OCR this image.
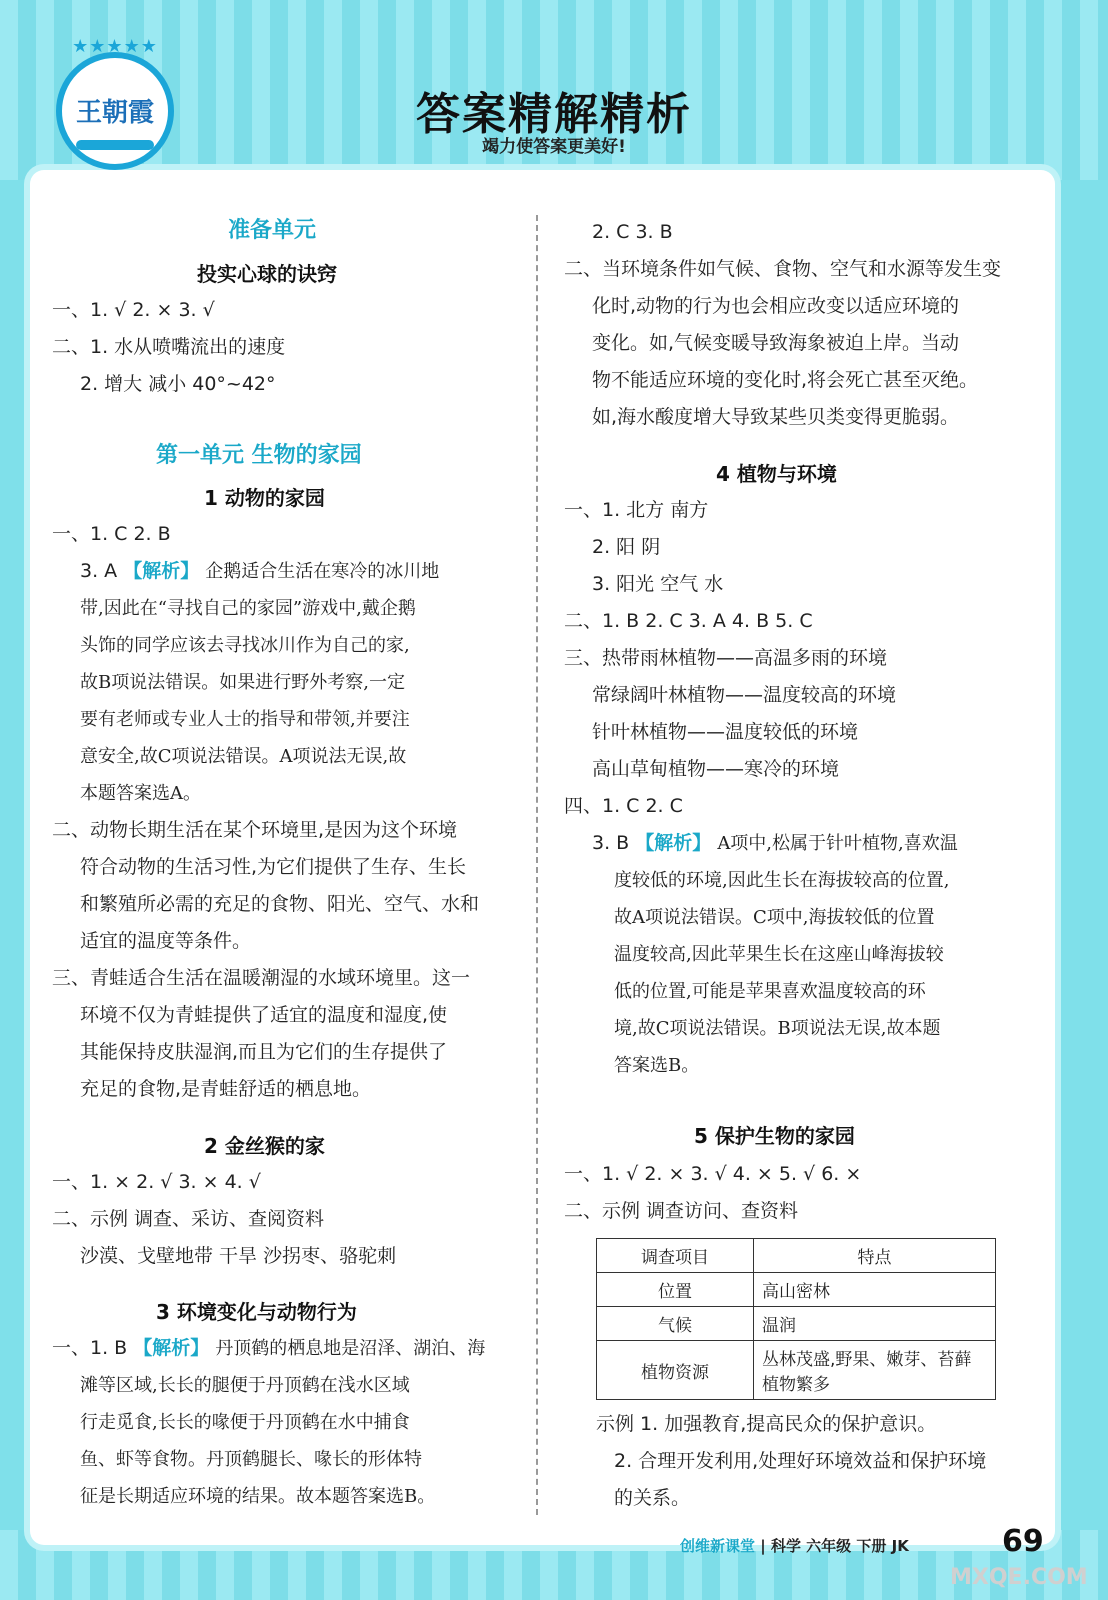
★★★★★
王朝霞	答案精解精析
竭力使答案更美好!
准备单元
投实心球的诀窍
一、1. √ 2. × 3. √
二、1. 水从喷嘴流出的速度
2. 增大 减小 40°~42°
第一单元 生物的家园
1 动物的家园
一、1. C 2. B
3. A 【解析】 企鹅适合生活在寒冷的冰川地
带,因此在“寻找自己的家园”游戏中,戴企鹅
头饰的同学应该去寻找冰川作为自己的家,
故B项说法错误。如果进行野外考察,一定
要有老师或专业人士的指导和带领,并要注
意安全,故C项说法错误。A项说法无误,故
本题答案选A。
二、动物长期生活在某个环境里,是因为这个环境
符合动物的生活习性,为它们提供了生存、生长
和繁殖所必需的充足的食物、阳光、空气、水和
适宜的温度等条件。
三、青蛙适合生活在温暖潮湿的水域环境里。这一
环境不仅为青蛙提供了适宜的温度和湿度,使
其能保持皮肤湿润,而且为它们的生存提供了
充足的食物,是青蛙舒适的栖息地。
2 金丝猴的家
一、1. × 2. √ 3. × 4. √
二、示例 调查、采访、查阅资料
沙漠、戈壁地带 干旱 沙拐枣、骆驼刺
3 环境变化与动物行为
一、1. B 【解析】 丹顶鹤的栖息地是沼泽、湖泊、海
滩等区域,长长的腿便于丹顶鹤在浅水区域
行走觅食,长长的喙便于丹顶鹤在水中捕食
鱼、虾等食物。丹顶鹤腿长、喙长的形体特
征是长期适应环境的结果。故本题答案选B。
2. C 3. B
二、当环境条件如气候、食物、空气和水源等发生变
化时,动物的行为也会相应改变以适应环境的
变化。如,气候变暖导致海象被迫上岸。当动
物不能适应环境的变化时,将会死亡甚至灭绝。
如,海水酸度增大导致某些贝类变得更脆弱。
4 植物与环境
一、1. 北方 南方
2. 阳 阴
3. 阳光 空气 水
二、1. B 2. C 3. A 4. B 5. C
三、热带雨林植物——高温多雨的环境
常绿阔叶林植物——温度较高的环境
针叶林植物——温度较低的环境
高山草甸植物——寒冷的环境
四、1. C 2. C
3. B 【解析】 A项中,松属于针叶植物,喜欢温
度较低的环境,因此生长在海拔较高的位置,
故A项说法错误。C项中,海拔较低的位置
温度较高,因此苹果生长在这座山峰海拔较
低的位置,可能是苹果喜欢温度较高的环
境,故C项说法错误。B项说法无误,故本题
答案选B。
5 保护生物的家园
一、1. √ 2. × 3. √ 4. × 5. √ 6. ×
二、示例 调查访问、查资料
调查项目	特点
位置	高山密林
气候	温润
植物资源	丛林茂盛,野果、嫩芽、苔藓
植物繁多
示例 1. 加强教育,提高民众的保护意识。
2. 合理开发利用,处理好环境效益和保护环境
的关系。
创维新课堂 | 科学 六年级 下册 JK	69
MXQE.COM
